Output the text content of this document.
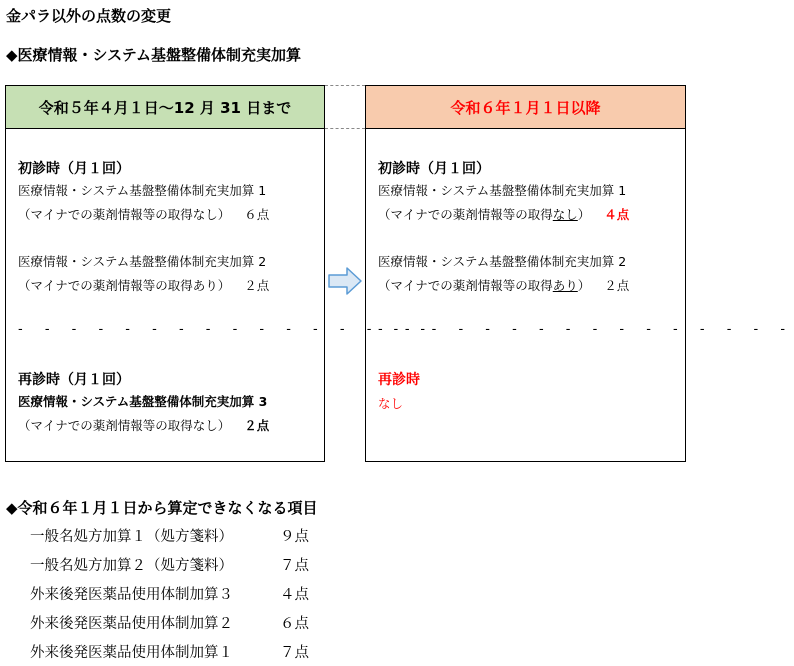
金パラ以外の点数の変更
◆医療情報・システム基盤整備体制充実加算
令和５年４月１日〜12 月 31 日まで
初診時（月１回）
医療情報・システム基盤整備体制充実加算 1
（マイナでの薬剤情報等の取得なし） ６点
医療情報・システム基盤整備体制充実加算 2
（マイナでの薬剤情報等の取得あり） ２点
- - - - - - - - - - - - - - - -
再診時（月１回）
医療情報・システム基盤整備体制充実加算 3
（マイナでの薬剤情報等の取得なし） ２点
令和６年１月１日以降
初診時（月１回）
医療情報・システム基盤整備体制充実加算 1
（マイナでの薬剤情報等の取得なし） ４点
医療情報・システム基盤整備体制充実加算 2
（マイナでの薬剤情報等の取得あり） ２点
- - - - - - - - - - - - - - - -
再診時
なし
◆令和６年１月１日から算定できなくなる項目
一般名処方加算１（処方箋料）	９点
一般名処方加算２（処方箋料）	７点
外来後発医薬品使用体制加算３	４点
外来後発医薬品使用体制加算２	６点
外来後発医薬品使用体制加算１	７点
